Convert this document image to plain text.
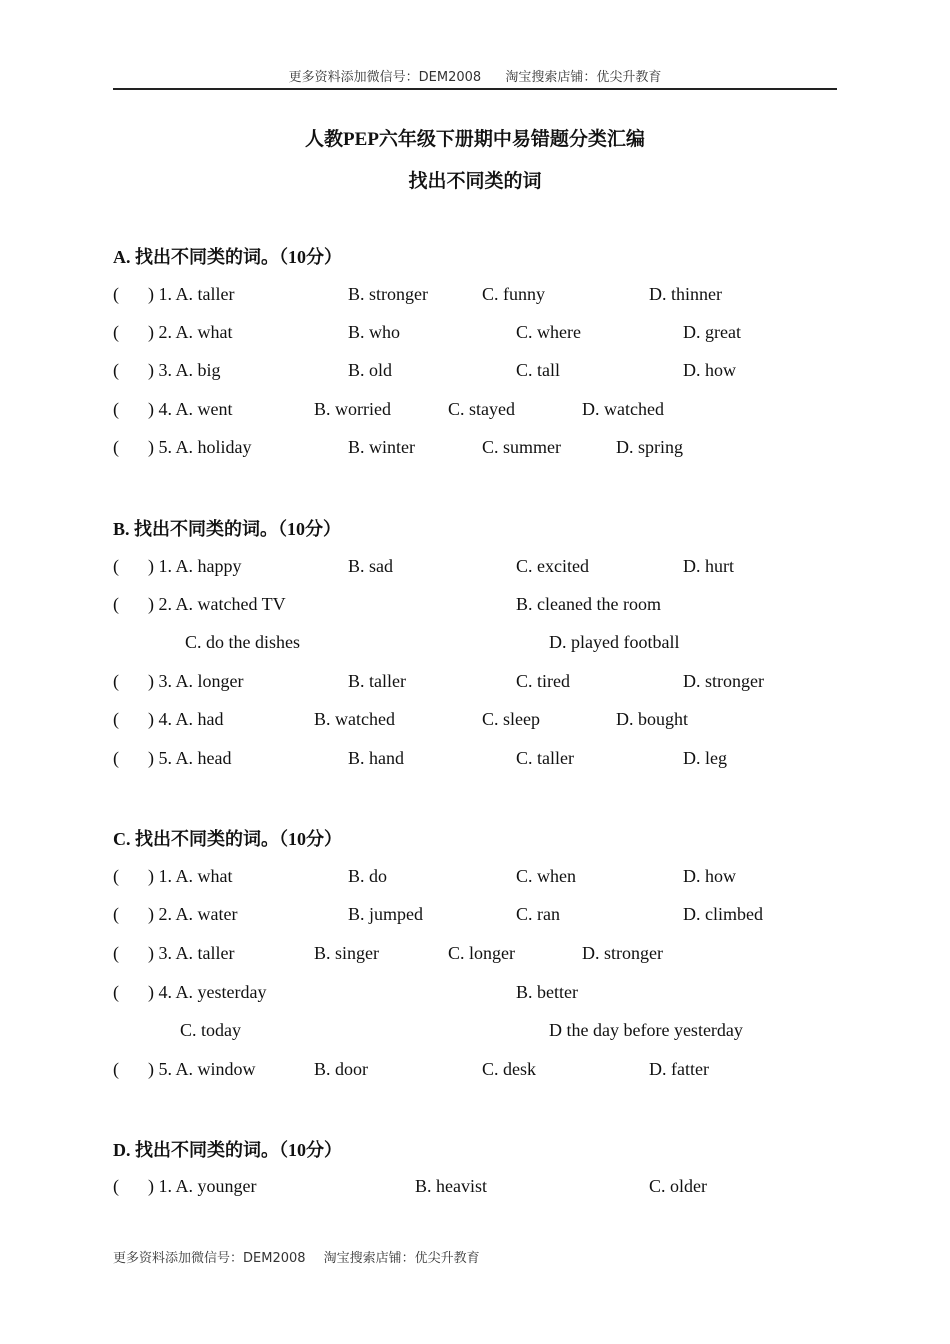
更多资料添加微信号：DEM2008 淘宝搜索店铺：优尖升教育
人教PEP六年级下册期中易错题分类汇编
找出不同类的词
A. 找出不同类的词。（10分）
B. 找出不同类的词。（10分）
C. 找出不同类的词。（10分）
D. 找出不同类的词。（10分）
( ) 1. A. taller	B. stronger	C. funny	D. thinner
( ) 2. A. what	B. who	C. where	D. great
( ) 3. A. big	B. old	C. tall	D. how
( ) 4. A. went	B. worried	C. stayed	D. watched
( ) 5. A. holiday	B. winter	C. summer	D. spring
( ) 1. A. happy	B. sad	C. excited	D. hurt
( ) 2. A. watched TV	B. cleaned the room
C. do the dishes	D. played football
( ) 3. A. longer	B. taller	C. tired	D. stronger
( ) 4. A. had	B. watched	C. sleep	D. bought
( ) 5. A. head	B. hand	C. taller	D. leg
( ) 1. A. what	B. do	C. when	D. how
( ) 2. A. water	B. jumped	C. ran	D. climbed
( ) 3. A. taller	B. singer	C. longer	D. stronger
( ) 4. A. yesterday	B. better
C. today	D the day before yesterday
( ) 5. A. window	B. door	C. desk	D. fatter
( ) 1. A. younger	B. heavist	C. older
更多资料添加微信号：DEM2008 淘宝搜索店铺：优尖升教育
